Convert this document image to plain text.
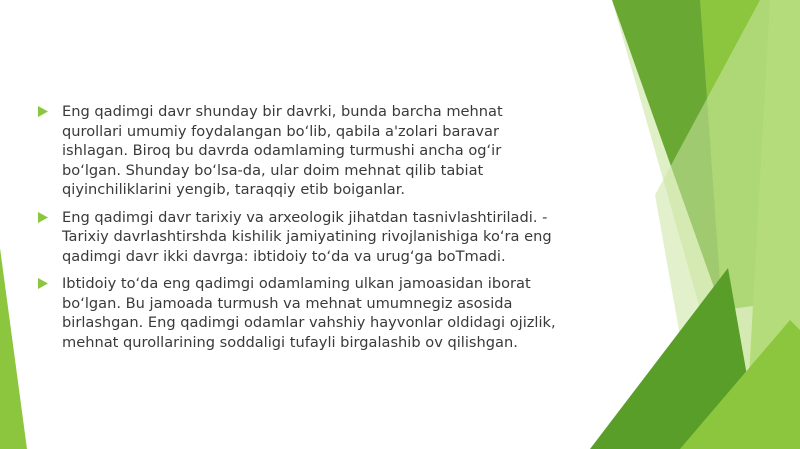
Eng qadimgi davr shunday bir davrki, bunda barcha mehnat
qurollari umumiy foydalangan bo‘lib, qabila a'zolari baravar
ishlagan. Biroq bu davrda odamlaming turmushi ancha og‘ir
bo‘lgan. Shunday bo‘lsa-da, ular doim mehnat qilib tabiat
qiyinchiliklarini yengib, taraqqiy etib boiganlar.
Eng qadimgi davr tarixiy va arxeologik jihatdan tasnivlashtiriladi. -
Tarixiy davrlashtirshda kishilik jamiyatining rivojlanishiga ko‘ra eng
qadimgi davr ikki davrga: ibtidoiy to‘da va urug‘ga boTmadi.
Ibtidoiy to‘da eng qadimgi odamlaming ulkan jamoasidan iborat
bo‘lgan. Bu jamoada turmush va mehnat umumnegiz asosida
birlashgan. Eng qadimgi odamlar vahshiy hayvonlar oldidagi ojizlik,
mehnat qurollarining soddaligi tufayli birgalashib ov qilishgan.
